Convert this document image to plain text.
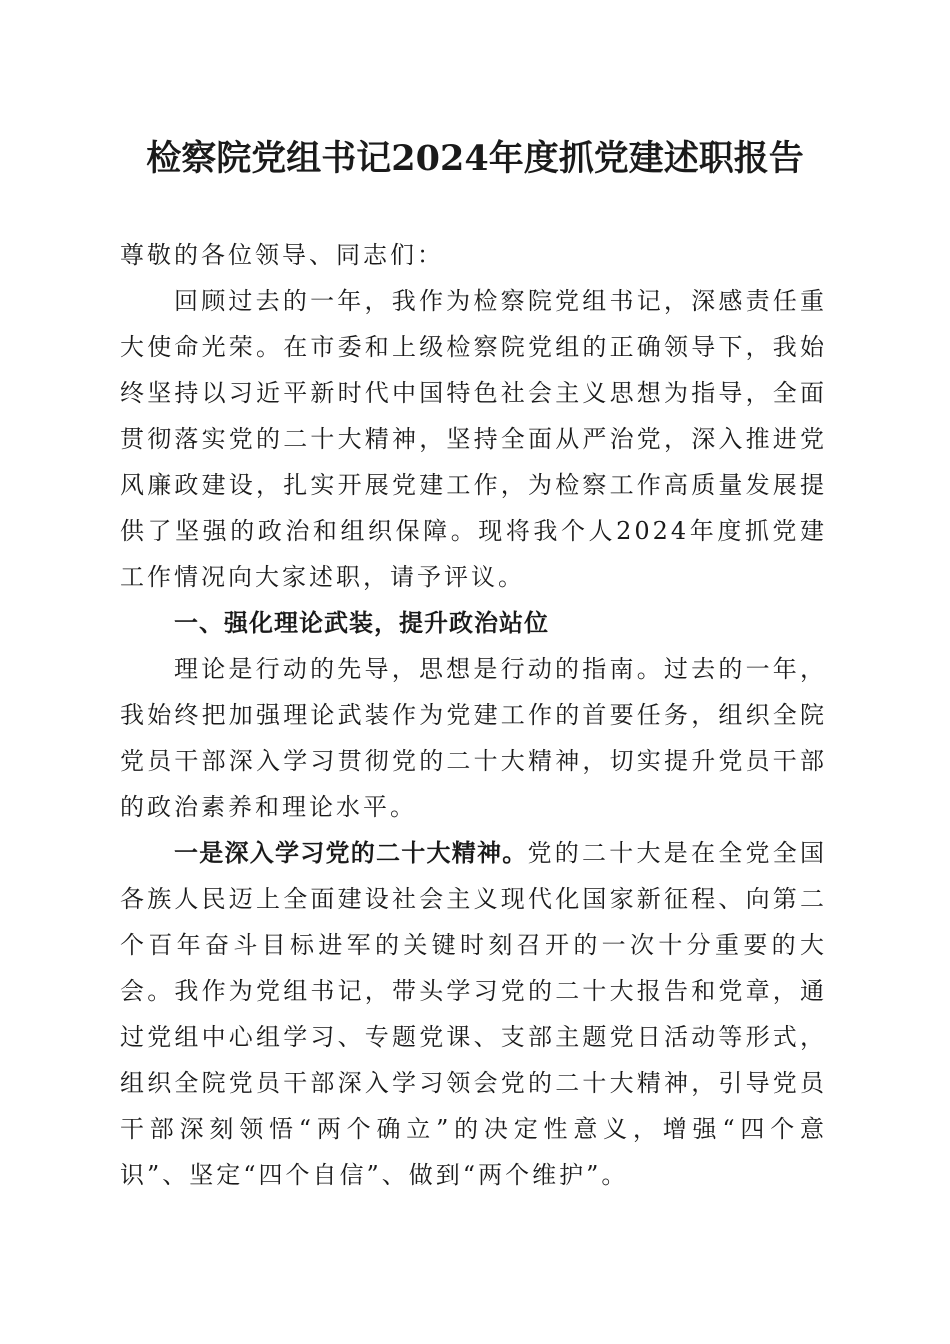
检察院党组书记2024年度抓党建述职报告

尊敬的各位领导、同志们：

回顾过去的一年，我作为检察院党组书记，深感责任重大使命光荣。在市委和上级检察院党组的正确领导下，我始终坚持以习近平新时代中国特色社会主义思想为指导，全面贯彻落实党的二十大精神，坚持全面从严治党，深入推进党风廉政建设，扎实开展党建工作，为检察工作高质量发展提供了坚强的政治和组织保障。现将我个人2024年度抓党建工作情况向大家述职，请予评议。

一、强化理论武装，提升政治站位

理论是行动的先导，思想是行动的指南。过去的一年，我始终把加强理论武装作为党建工作的首要任务，组织全院党员干部深入学习贯彻党的二十大精神，切实提升党员干部的政治素养和理论水平。

一是深入学习党的二十大精神。党的二十大是在全党全国各族人民迈上全面建设社会主义现代化国家新征程、向第二个百年奋斗目标进军的关键时刻召开的一次十分重要的大会。我作为党组书记，带头学习党的二十大报告和党章，通过党组中心组学习、专题党课、支部主题党日活动等形式，组织全院党员干部深入学习领会党的二十大精神，引导党员干部深刻领悟“两个确立”的决定性意义，增强“四个意识”、坚定“四个自信”、做到“两个维护”。
